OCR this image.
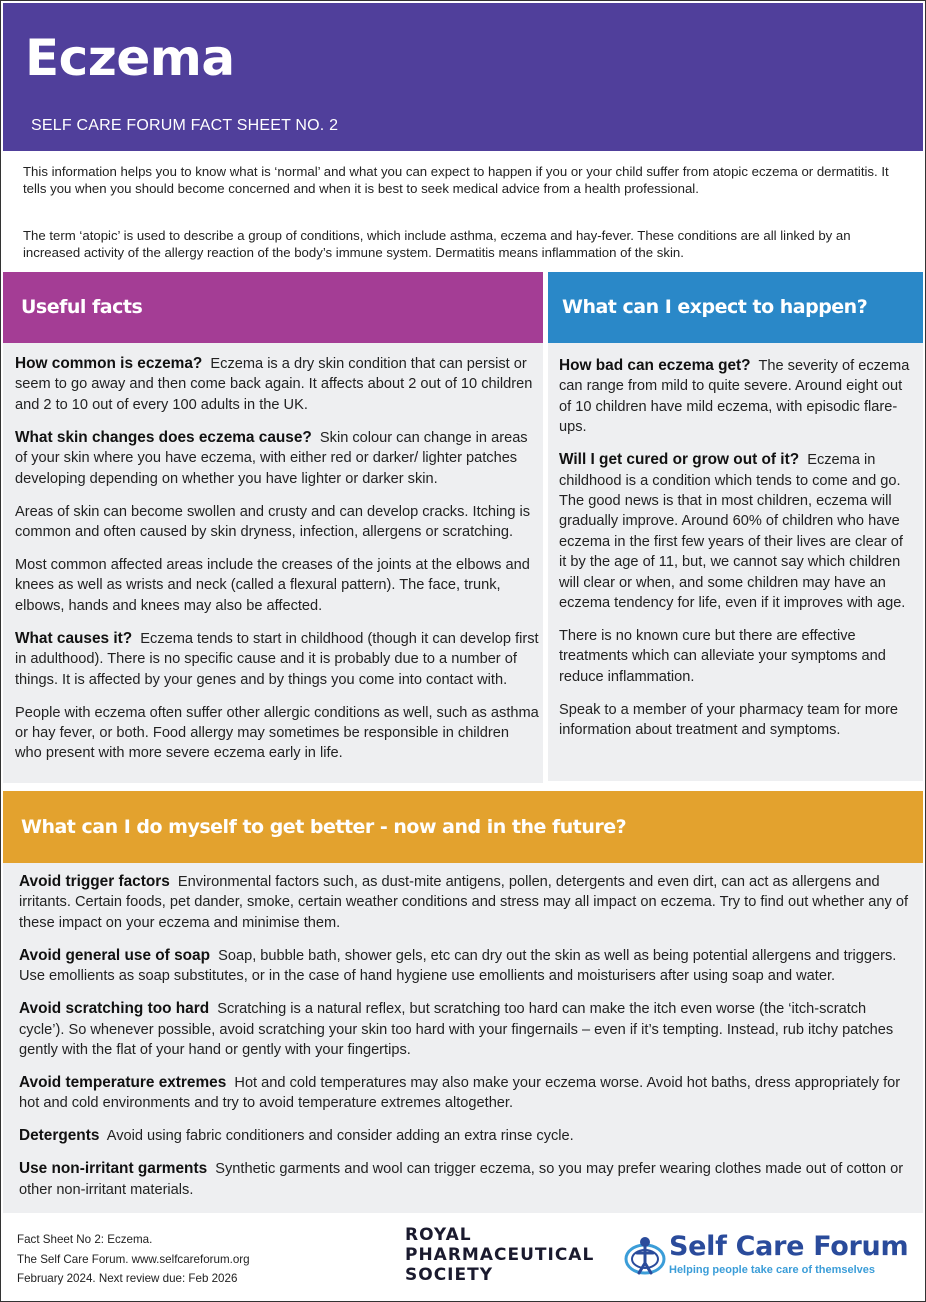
Eczema
SELF CARE FORUM FACT SHEET NO. 2

This information helps you to know what is ‘normal’ and what you can expect to happen if you or your child suffer from atopic eczema or dermatitis. It tells you when you should become concerned and when it is best to seek medical advice from a health professional.

The term ‘atopic’ is used to describe a group of conditions, which include asthma, eczema and hay-fever. These conditions are all linked by an increased activity of the allergy reaction of the body’s immune system. Dermatitis means inflammation of the skin.

Useful facts

How common is eczema? Eczema is a dry skin condition that can persist or seem to go away and then come back again. It affects about 2 out of 10 children and 2 to 10 out of every 100 adults in the UK.

What skin changes does eczema cause? Skin colour can change in areas of your skin where you have eczema, with either red or darker/ lighter patches developing depending on whether you have lighter or darker skin.

Areas of skin can become swollen and crusty and can develop cracks. Itching is common and often caused by skin dryness, infection, allergens or scratching.

Most common affected areas include the creases of the joints at the elbows and knees as well as wrists and neck (called a flexural pattern). The face, trunk, elbows, hands and knees may also be affected.

What causes it? Eczema tends to start in childhood (though it can develop first in adulthood). There is no specific cause and it is probably due to a number of things. It is affected by your genes and by things you come into contact with.

People with eczema often suffer other allergic conditions as well, such as asthma or hay fever, or both. Food allergy may sometimes be responsible in children who present with more severe eczema early in life.

What can I expect to happen?

How bad can eczema get? The severity of eczema can range from mild to quite severe. Around eight out of 10 children have mild eczema, with episodic flare-ups.

Will I get cured or grow out of it? Eczema in childhood is a condition which tends to come and go. The good news is that in most children, eczema will gradually improve. Around 60% of children who have eczema in the first few years of their lives are clear of it by the age of 11, but, we cannot say which children will clear or when, and some children may have an eczema tendency for life, even if it improves with age.

There is no known cure but there are effective treatments which can alleviate your symptoms and reduce inflammation.

Speak to a member of your pharmacy team for more information about treatment and symptoms.

What can I do myself to get better - now and in the future?

Avoid trigger factors Environmental factors such, as dust-mite antigens, pollen, detergents and even dirt, can act as allergens and irritants. Certain foods, pet dander, smoke, certain weather conditions and stress may all impact on eczema. Try to find out whether any of these impact on your eczema and minimise them.

Avoid general use of soap Soap, bubble bath, shower gels, etc can dry out the skin as well as being potential allergens and triggers. Use emollients as soap substitutes, or in the case of hand hygiene use emollients and moisturisers after using soap and water.

Avoid scratching too hard Scratching is a natural reflex, but scratching too hard can make the itch even worse (the ‘itch-scratch cycle’). So whenever possible, avoid scratching your skin too hard with your fingernails – even if it’s tempting. Instead, rub itchy patches gently with the flat of your hand or gently with your fingertips.

Avoid temperature extremes Hot and cold temperatures may also make your eczema worse. Avoid hot baths, dress appropriately for hot and cold environments and try to avoid temperature extremes altogether.

Detergents Avoid using fabric conditioners and consider adding an extra rinse cycle.

Use non-irritant garments Synthetic garments and wool can trigger eczema, so you may prefer wearing clothes made out of cotton or other non-irritant materials.

Fact Sheet No 2: Eczema.
The Self Care Forum. www.selfcareforum.org
February 2024. Next review due: Feb 2026
ROYAL
PHARMACEUTICAL
SOCIETY
Self Care Forum
Helping people take care of themselves
